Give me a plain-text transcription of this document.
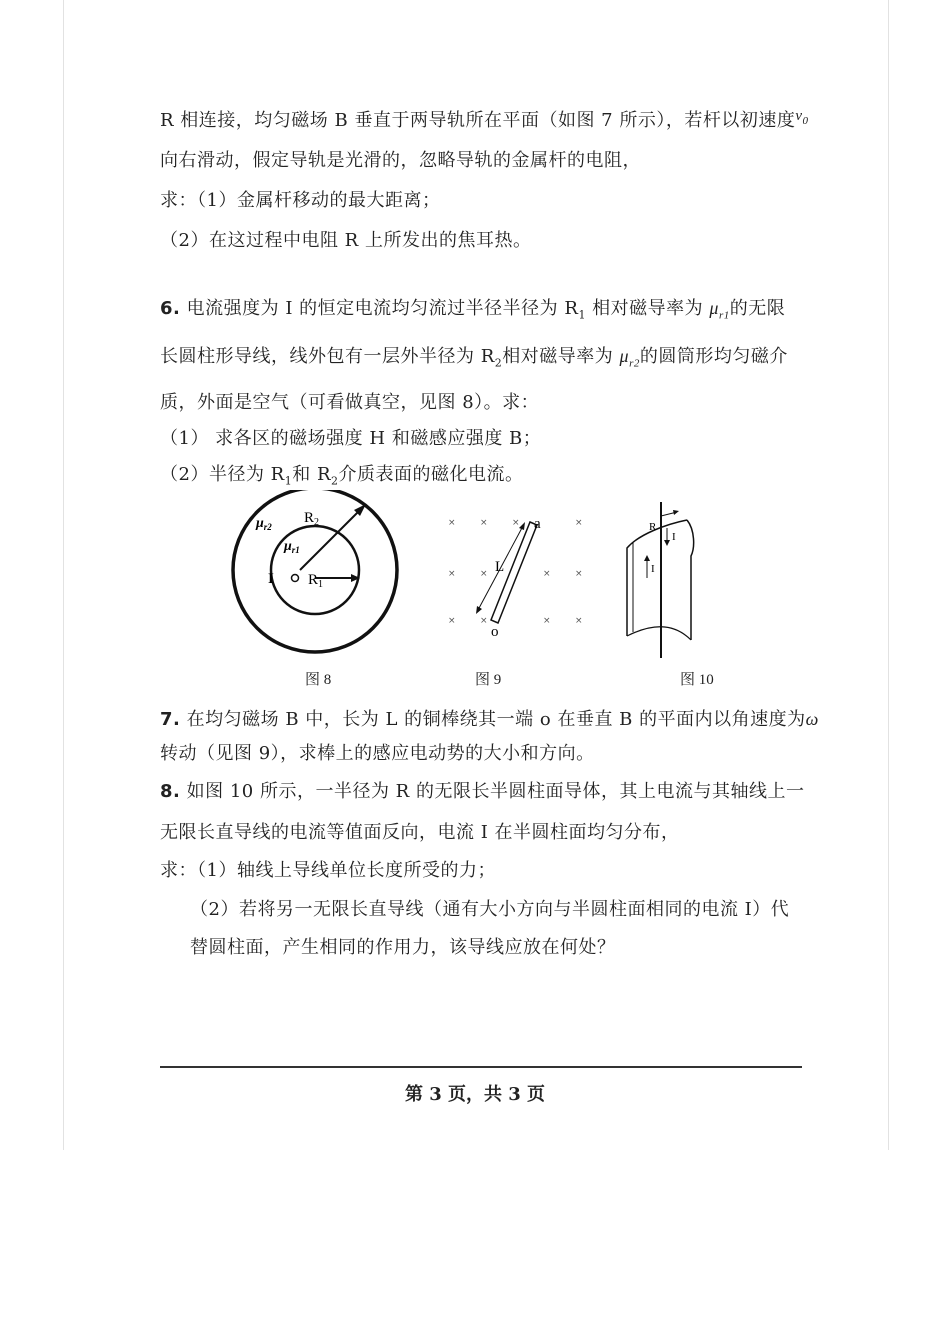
R 相连接，均匀磁场 B 垂直于两导轨所在平面（如图 7 所示），若杆以初速度$^{v_0}$
向右滑动，假定导轨是光滑的，忽略导轨的金属杆的电阻，
求：（1）金属杆移动的最大距离；
（2）在这过程中电阻 R 上所发出的焦耳热。
6. 电流强度为 I 的恒定电流均匀流过半径半径为 $R_1$ 相对磁导率为 $\mu_{r1}$的无限
长圆柱形导线，线外包有一层外半径为 $R_2$相对磁导率为 $\mu_{r2}$的圆筒形均匀磁介
质，外面是空气（可看做真空，见图 8）。求：
（1） 求各区的磁场强度 H 和磁感应强度 B；
（2）半径为 $R_1$和 $R_2$介质表面的磁化电流。
$\mu_{r2}$
$\mu_{r1}$
$R_2$
I $R_1$
图 8
×	×	×	×
×	×	×	×
×	×	×	×
a
L
o
图 9
R
I
I
图 10
7. 在均匀磁场 B 中，长为 L 的铜棒绕其一端 o 在垂直 B 的平面内以角速度为ω
转动（见图 9），求棒上的感应电动势的大小和方向。
8. 如图 10 所示，一半径为 R 的无限长半圆柱面导体，其上电流与其轴线上一
无限长直导线的电流等值面反向，电流 I 在半圆柱面均匀分布，
求：（1）轴线上导线单位长度所受的力；
（2）若将另一无限长直导线（通有大小方向与半圆柱面相同的电流 I）代
替圆柱面，产生相同的作用力，该导线应放在何处？
第 3 页，共 3 页
